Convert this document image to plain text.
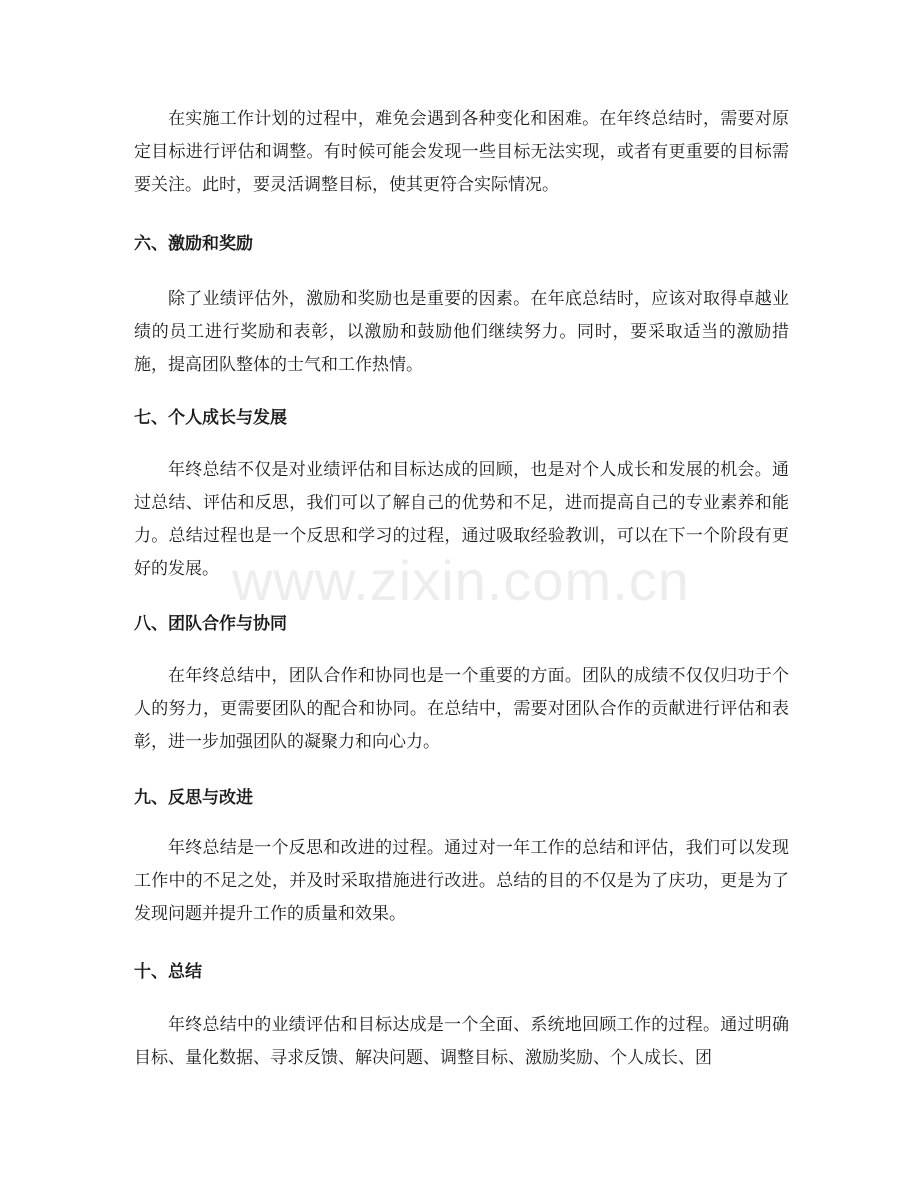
在实施工作计划的过程中，难免会遇到各种变化和困难。在年终总结时，需要对原定目标进行评估和调整。有时候可能会发现一些目标无法实现，或者有更重要的目标需要关注。此时，要灵活调整目标，使其更符合实际情况。

六、激励和奖励

除了业绩评估外，激励和奖励也是重要的因素。在年底总结时，应该对取得卓越业绩的员工进行奖励和表彰，以激励和鼓励他们继续努力。同时，要采取适当的激励措施，提高团队整体的士气和工作热情。

七、个人成长与发展

年终总结不仅是对业绩评估和目标达成的回顾，也是对个人成长和发展的机会。通过总结、评估和反思，我们可以了解自己的优势和不足，进而提高自己的专业素养和能力。总结过程也是一个反思和学习的过程，通过吸取经验教训，可以在下一个阶段有更好的发展。

八、团队合作与协同

在年终总结中，团队合作和协同也是一个重要的方面。团队的成绩不仅仅归功于个人的努力，更需要团队的配合和协同。在总结中，需要对团队合作的贡献进行评估和表彰，进一步加强团队的凝聚力和向心力。

九、反思与改进

年终总结是一个反思和改进的过程。通过对一年工作的总结和评估，我们可以发现工作中的不足之处，并及时采取措施进行改进。总结的目的不仅是为了庆功，更是为了发现问题并提升工作的质量和效果。

十、总结

年终总结中的业绩评估和目标达成是一个全面、系统地回顾工作的过程。通过明确目标、量化数据、寻求反馈、解决问题、调整目标、激励奖励、个人成长、团

www.zixin.com.cn
